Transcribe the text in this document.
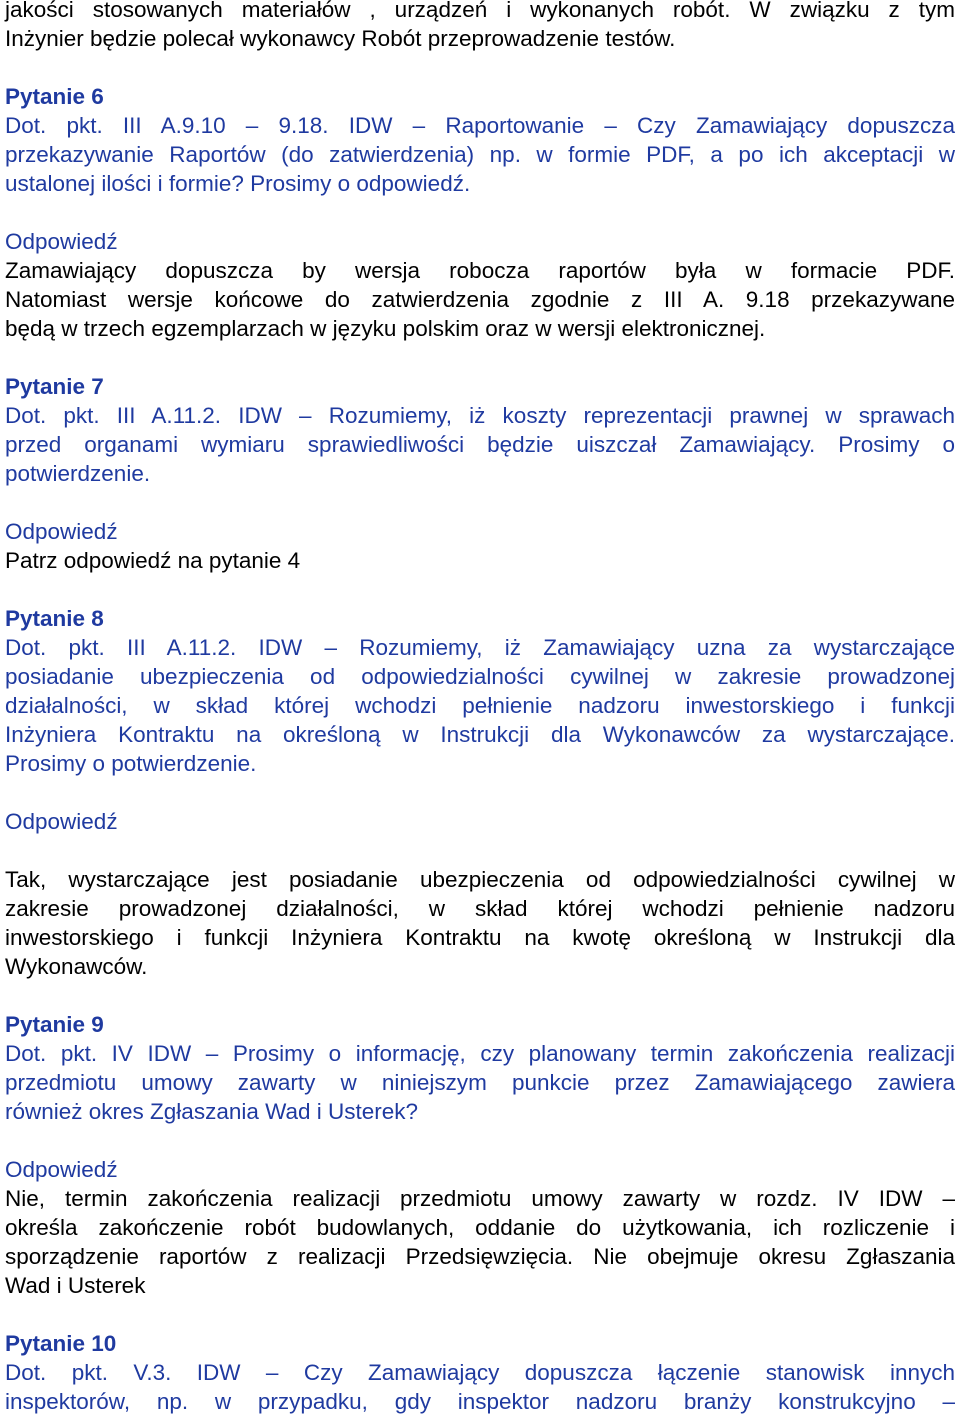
jakości stosowanych materiałów , urządzeń i wykonanych robót. W związku z tym
Inżynier będzie polecał wykonawcy Robót przeprowadzenie testów.
Pytanie 6
Dot. pkt. III A.9.10 – 9.18. IDW – Raportowanie – Czy Zamawiający dopuszcza
przekazywanie Raportów (do zatwierdzenia) np. w formie PDF, a po ich akceptacji w
ustalonej ilości i formie? Prosimy o odpowiedź.
Odpowiedź
Zamawiający dopuszcza by wersja robocza raportów była w formacie PDF.
Natomiast wersje końcowe do zatwierdzenia zgodnie z III A. 9.18 przekazywane
będą w trzech egzemplarzach w języku polskim oraz w wersji elektronicznej.
Pytanie 7
Dot. pkt. III A.11.2. IDW – Rozumiemy, iż koszty reprezentacji prawnej w sprawach
przed organami wymiaru sprawiedliwości będzie uiszczał Zamawiający. Prosimy o
potwierdzenie.
Odpowiedź
Patrz odpowiedź na pytanie 4
Pytanie 8
Dot. pkt. III A.11.2. IDW – Rozumiemy, iż Zamawiający uzna za wystarczające
posiadanie ubezpieczenia od odpowiedzialności cywilnej w zakresie prowadzonej
działalności, w skład której wchodzi pełnienie nadzoru inwestorskiego i funkcji
Inżyniera Kontraktu na określoną w Instrukcji dla Wykonawców za wystarczające.
Prosimy o potwierdzenie.
Odpowiedź
Tak, wystarczające jest posiadanie ubezpieczenia od odpowiedzialności cywilnej w
zakresie prowadzonej działalności, w skład której wchodzi pełnienie nadzoru
inwestorskiego i funkcji Inżyniera Kontraktu na kwotę określoną w Instrukcji dla
Wykonawców.
Pytanie 9
Dot. pkt. IV IDW – Prosimy o informację, czy planowany termin zakończenia realizacji
przedmiotu umowy zawarty w niniejszym punkcie przez Zamawiającego zawiera
również okres Zgłaszania Wad i Usterek?
Odpowiedź
Nie, termin zakończenia realizacji przedmiotu umowy zawarty w rozdz. IV IDW –
określa zakończenie robót budowlanych, oddanie do użytkowania, ich rozliczenie i
sporządzenie raportów z realizacji Przedsięwzięcia. Nie obejmuje okresu Zgłaszania
Wad i Usterek
Pytanie 10
Dot. pkt. V.3. IDW – Czy Zamawiający dopuszcza łączenie stanowisk innych
inspektorów, np. w przypadku, gdy inspektor nadzoru branży konstrukcyjno –
